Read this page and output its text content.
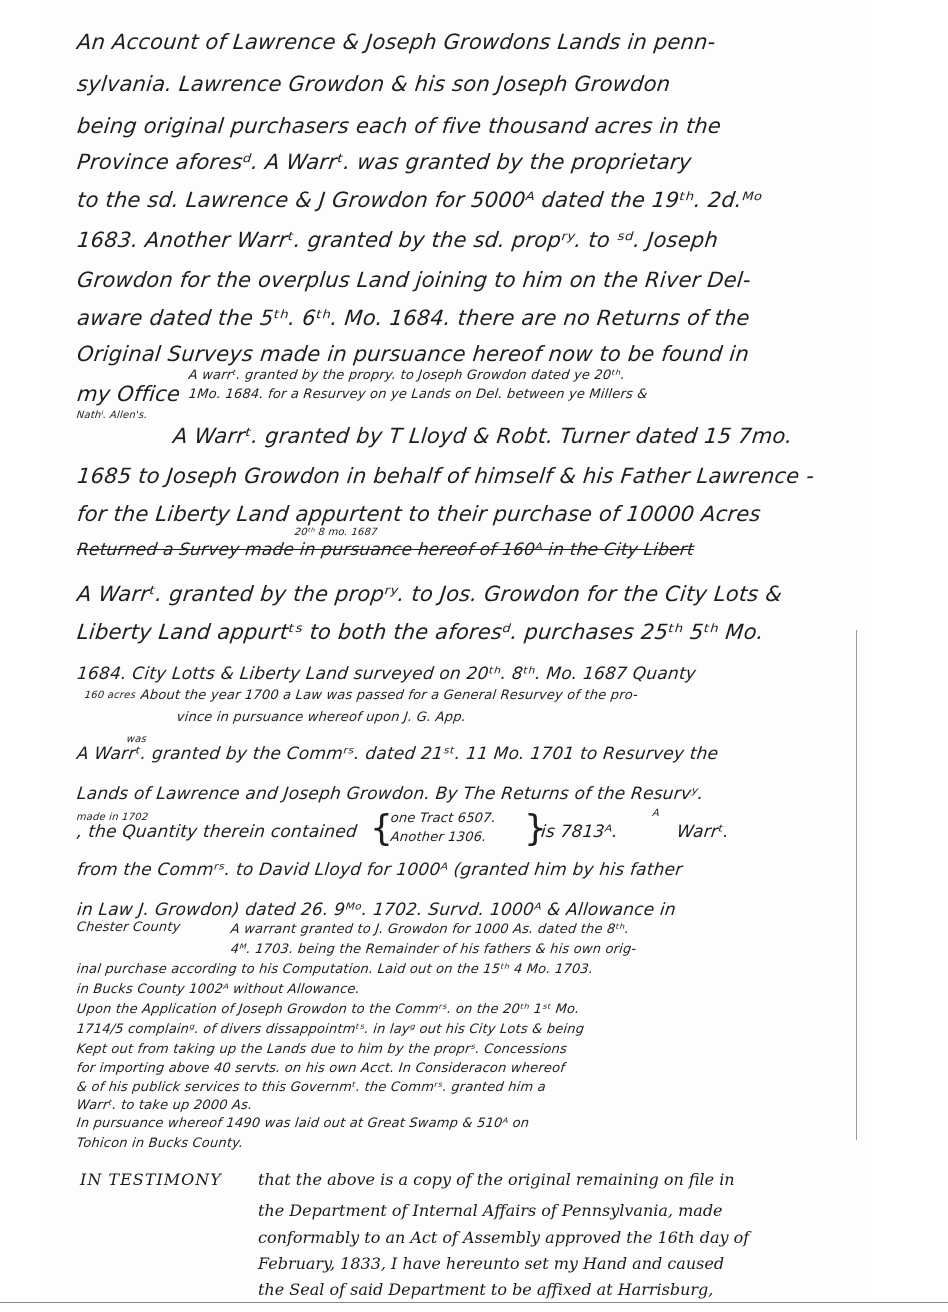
An Account of Lawrence & Joseph Growdons Lands in penn-
sylvania. Lawrence Growdon & his son Joseph Growdon
being original purchasers each of five thousand acres in the
Province aforesᵈ. A Warrᵗ. was granted by the proprietary
to the sd. Lawrence & J Growdon for 5000ᴬ dated the 19ᵗʰ. 2d.ᴹᵒ
1683. Another Warrᵗ. granted by the sd. propʳʸ. to ˢᵈ. Joseph
Growdon for the overplus Land joining to him on the River Del-
aware dated the 5ᵗʰ. 6ᵗʰ. Mo. 1684. there are no Returns of the
Original Surveys made in pursuance hereof now to be found in
A warrᵗ. granted by the propry. to Joseph Growdon dated ye 20ᵗʰ.
my Office 1Mo. 1684. for a Resurvey on ye Lands on Del. between ye Millers &
Nathˡ. Allen's.
A Warrᵗ. granted by T Lloyd & Robt. Turner dated 15 7mo.
1685 to Joseph Growdon in behalf of himself & his Father Lawrence -
for the Liberty Land appurtent to their purchase of 10000 Acres
20ᵗʰ 8 mo. 1687
Returned a Survey made in pursuance hereof of 160ᴬ in the City Libert
A Warrᵗ. granted by the propʳʸ. to Jos. Growdon for the City Lots &
Liberty Land appurtᵗˢ to both the aforesᵈ. purchases 25ᵗʰ 5ᵗʰ Mo.
1684. City Lotts & Liberty Land surveyed on 20ᵗʰ. 8ᵗʰ. Mo. 1687 Quanty
160 acres About the year 1700 a Law was passed for a General Resurvey of the pro-
vince in pursuance whereof upon J. G. App.
was
A Warrᵗ. granted by the Commʳˢ. dated 21ˢᵗ. 11 Mo. 1701 to Resurvey the
Lands of Lawrence and Joseph Growdon. By The Returns of the Resurvʸ.
made in 1702
, the Quantity therein contained {
one Tract 6507.
Another 1306. }
is 7813ᴬ.
A
Warrᵗ.
from the Commʳˢ. to David Lloyd for 1000ᴬ (granted him by his father
in Law J. Growdon) dated 26. 9ᴹᵒ. 1702. Survd. 1000ᴬ & Allowance in
Chester County	A warrant granted to J. Growdon for 1000 As. dated the 8ᵗʰ.
4ᴹ. 1703. being the Remainder of his fathers & his own orig-
inal purchase according to his Computation. Laid out on the 15ᵗʰ 4 Mo. 1703.
in Bucks County 1002ᴬ without Allowance.
Upon the Application of Joseph Growdon to the Commʳˢ. on the 20ᵗʰ 1ˢᵗ Mo.
1714/5 complainᵍ. of divers dissappointmᵗˢ. in layᵍ out his City Lots & being
Kept out from taking up the Lands due to him by the proprˢ. Concessions
for importing above 40 servts. on his own Acct. In Consideracon whereof
& of his publick services to this Governmᵗ. the Commʳˢ. granted him a
Warrᵗ. to take up 2000 As.
In pursuance whereof 1490 was laid out at Great Swamp & 510ᴬ on
Tohicon in Bucks County.
IN TESTIMONY that the above is a copy of the original remaining on file in
the Department of Internal Affairs of Pennsylvania, made
conformably to an Act of Assembly approved the 16th day of
February, 1833, I have hereunto set my Hand and caused
the Seal of said Department to be affixed at Harrisburg,
